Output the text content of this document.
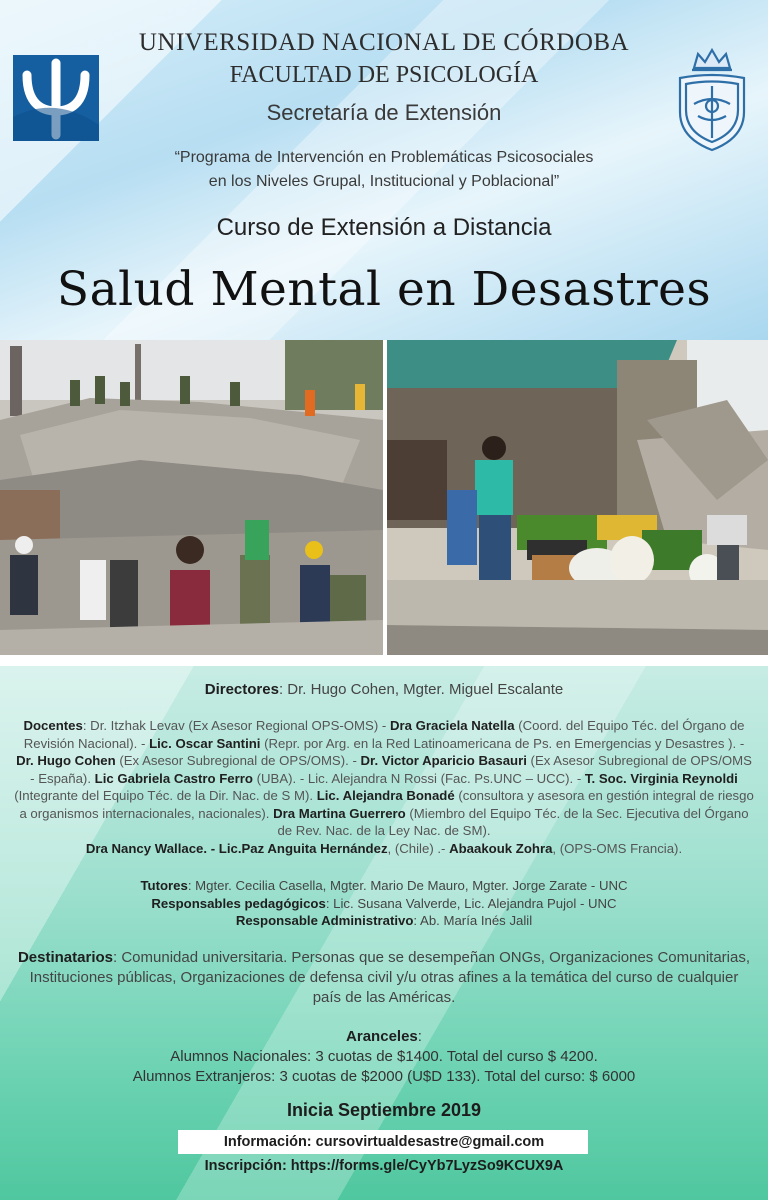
UNIVERSIDAD NACIONAL DE CÓRDOBA
FACULTAD DE PSICOLOGÍA
Secretaría de Extensión
“Programa de Intervención en Problemáticas Psicosociales
en los Niveles Grupal, Institucional y Poblacional”
Curso de Extensión a Distancia
Salud Mental en Desastres
Directores: Dr. Hugo Cohen, Mgter. Miguel Escalante
Docentes: Dr. Itzhak Levav (Ex Asesor Regional OPS-OMS) - Dra Graciela Natella (Coord. del Equipo Téc. del Órgano de Revisión Nacional). - Lic. Oscar Santini (Repr. por Arg. en la Red Latinoamericana de Ps. en Emergencias y Desastres ). - Dr. Hugo Cohen (Ex Asesor Subregional de OPS/OMS). - Dr. Victor Aparicio Basauri (Ex Asesor Subregional de OPS/OMS - España). Lic Gabriela Castro Ferro (UBA). - Lic. Alejandra N Rossi (Fac. Ps.UNC – UCC). - T. Soc. Virginia Reynoldi (Integrante del Equipo Téc. de la Dir. Nac. de S M). Lic. Alejandra Bonadé (consultora y asesora en gestión integral de riesgo a organismos internacionales, nacionales). Dra Martina Guerrero (Miembro del Equipo Téc. de la Sec. Ejecutiva del Órgano de Rev. Nac. de la Ley Nac. de SM).
Dra Nancy Wallace. - Lic.Paz Anguita Hernández, (Chile) .- Abaakouk Zohra, (OPS-OMS Francia).
Tutores: Mgter. Cecilia Casella, Mgter. Mario De Mauro, Mgter. Jorge Zarate - UNC
Responsables pedagógicos: Lic. Susana Valverde, Lic. Alejandra Pujol - UNC
Responsable Administrativo: Ab. María Inés Jalil
Destinatarios: Comunidad universitaria. Personas que se desempeñan ONGs, Organizaciones Comunitarias, Instituciones públicas, Organizaciones de defensa civil y/u otras afines a la temática del curso de cualquier país de las Américas.
Aranceles:
Alumnos Nacionales: 3 cuotas de $1400. Total del curso $ 4200.
Alumnos Extranjeros: 3 cuotas de $2000 (U$D 133). Total del curso: $ 6000
Inicia Septiembre 2019
Información: cursovirtualdesastre@gmail.com
Inscripción: https://forms.gle/CyYb7LyzSo9KCUX9A
